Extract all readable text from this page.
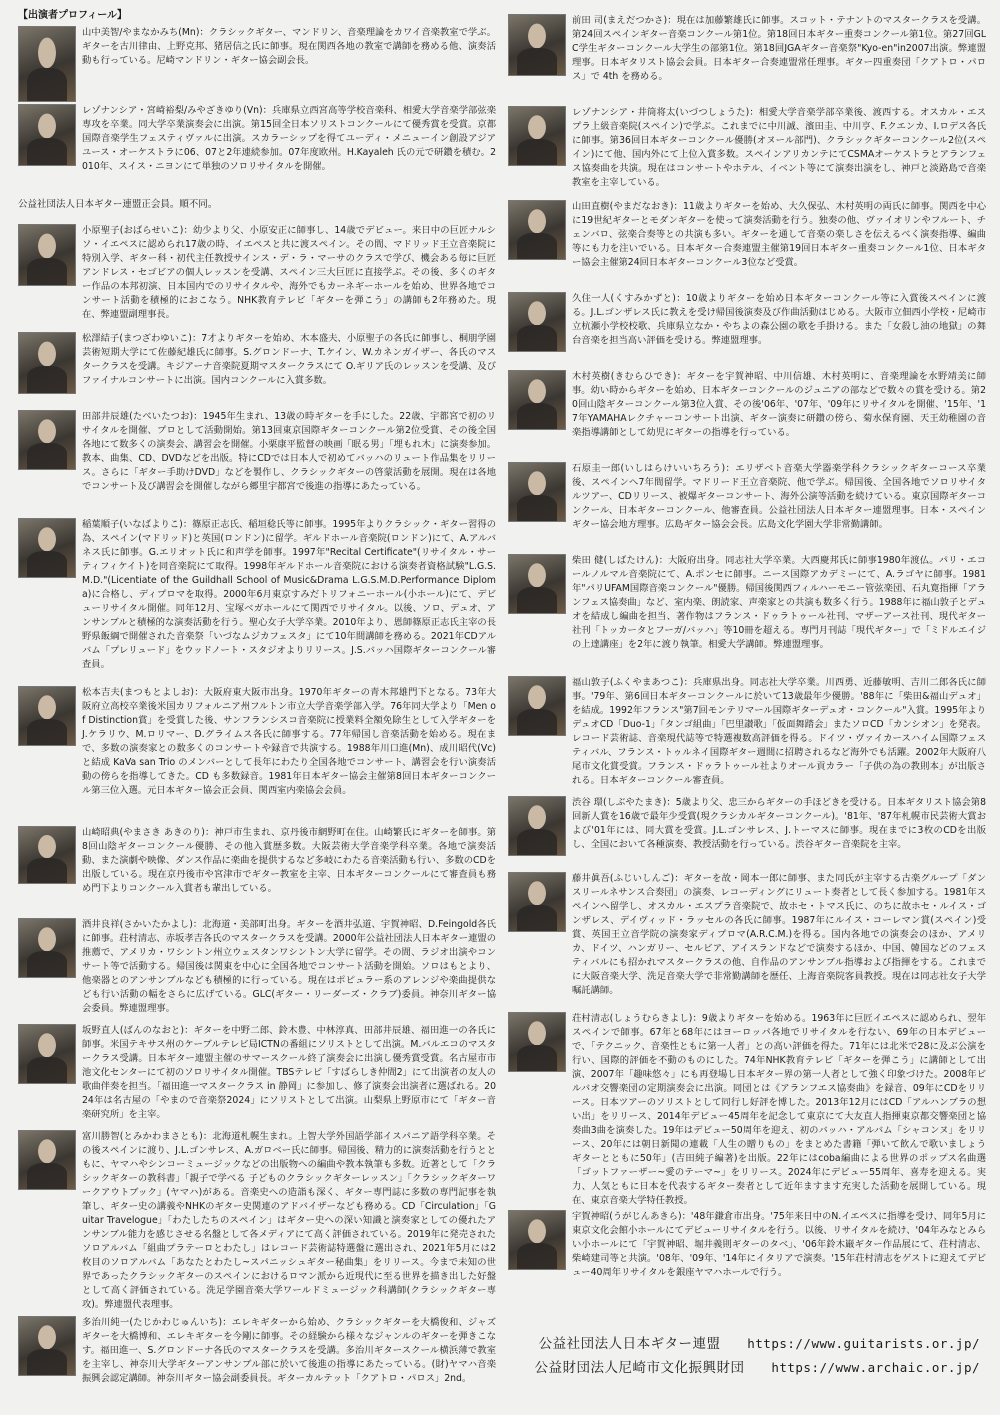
【出演者プロフィール】
山中美智/やまなかみち(Mn)：クラシックギター、マンドリン、音楽理論をカワイ音楽教室で学ぶ。ギターを古川律由、上野克邦、猪居信之氏に師事。現在関西各地の教室で講師を務める他、演奏活動も行っている。尼崎マンドリン・ギター協会副会長。
レゾナンシア・宮崎裕梨/みやざきゆり(Vn)：兵庫県立西宮高等学校音楽科、相愛大学音楽学部弦楽専攻を卒業。同大学卒業演奏会に出演。第15回全日本ソリストコンクールにて優秀賞を受賞。京都国際音楽学生フェスティヴァルに出演。スカラーシップを得てユーディ・メニューイン創設アジアユース・オーケストラに06、07と2年連続参加。07年度欧州。H.Kayaleh 氏の元で研鑽を積む。2010年、スイス・ニヨンにて単独のソロリサイタルを開催。
公益社団法人日本ギター連盟正会員。順不同。
小原聖子(おばらせいこ)：幼少より父、小原安正に師事し、14歳でデビュー。来日中の巨匠ナルシソ・イエペスに認められ17歳の時、イエペスと共に渡スペイン。その間、マドリッド王立音楽院に特別入学、ギター科・初代主任教授サインス・デ・ラ・マーサのクラスで学び、機会ある毎に巨匠アンドレス・セゴビアの個人レッスンを受講、スペイン三大巨匠に直接学ぶ。その後、多くのギター作品の本邦初演、日本国内でのリサイタルや、海外でもカーネギーホールを始め、世界各地でコンサート活動を積極的におこなう。NHK教育テレビ「ギターを弾こう」の講師も2年務めた。現在、弊連盟副理事長。
松澤結子(まつざわゆいこ)：7才よりギターを始め、木本盛夫、小原聖子の各氏に師事し、桐朋学園芸術短期大学にて佐藤紀雄氏に師事。S.グロンドーナ、T.ケイン、W.カネンガイザー、各氏のマスタークラスを受講。キジアーナ音楽院夏期マスタークラスにて O.ギリア氏のレッスンを受講、及びファイナルコンサートに出演。国内コンクールに入賞多数。
田部井辰雄(たべいたつお)：1945年生まれ、13歳の時ギターを手にした。22歳、宇都宮で初のリサイタルを開催、プロとして活動開始。第13回東京国際ギターコンクール第2位受賞、その後全国各地にて数多くの演奏会、講習会を開催。小栗康平監督の映画「眠る男」「埋もれ木」に演奏参加。教本、曲集、CD、DVDなどを出版。特にCDでは日本人で初めてバッハのリュート作品集をリリース。さらに「ギター手助けDVD」などを製作し、クラシックギターの啓蒙活動を展開。現在は各地でコンサート及び講習会を開催しながら郷里宇都宮で後進の指導にあたっている。
稲葉順子(いなばよりこ)：篠原正志氏、稲垣稔氏等に師事。1995年よりクラシック・ギター習得の為、スペイン(マドリッド)と英国(ロンドン)に留学。ギルドホール音楽院(ロンドン)にて、A.アルバネス氏に師事。G.エリオット氏に和声学を師事。1997年"Recital Certificate"(リサイタル・サーティフィケイト)を同音楽院にて取得。1998年ギルドホール音楽院における演奏者資格試験"L.G.S.M.D."(Licentiate of the Guildhall School of Music&Drama L.G.S.M.D.Performance Diploma)に合格し、ディプロマを取得。2000年6月東京すみだトリフォニーホール(小ホール)にて、デビューリサイタル開催。同年12月、宝塚ベガホールにて関西でリサイタル。以後、ソロ、デュオ、アンサンブルと積極的な演奏活動を行う。聖心女子大学卒業。2010年より、恩師篠原正志氏主宰の長野県飯綱で開催された音楽祭「いづなムジカフェスタ」にて10年間講師を務める。2021年CDアルバム「プレリュード」をウッドノート・スタジオよりリリース。J.S.バッハ国際ギターコンクール審査員。
松本吉夫(まつもとよしお)：大阪府東大阪市出身。1970年ギターの青木邦雄門下となる。73年大阪府立高校卒業後米国カリフォルニア州フルトン市立大学音楽学部入学。76年同大学より「Men of Distinction賞」を受賞した後、サンフランシスコ音楽院に授業料全額免除生として入学ギターを J.ケラリウ、M.ロリマー、D.グライムス各氏に師事する。77年帰国し音楽活動を始める。現在まで、多数の演奏家との数多くのコンサートや録音で共演する。1988年川口進(Mn)、成川昭代(Vc)と結成 KaVa san Trio のメンバーとして長年にわたり全国各地でコンサート、講習会を行い演奏活動の傍らを指導してきた。CD も多数録音。1981年日本ギター協会主催第8回日本ギターコンクール第三位入選。元日本ギター協会正会員、関西室内楽協会会員。
山崎昭典(やまさき あきのり)：神戸市生まれ、京丹後市網野町在住。山崎繁氏にギターを師事。第8回山陰ギターコンクール優勝、その他入賞歴多数。大阪芸術大学音楽学科卒業。各地で演奏活動、また演劇や映像、ダンス作品に楽曲を提供するなど多岐にわたる音楽活動も行い、多数のCDを出版している。現在京丹後市や宮津市でギター教室を主宰、日本ギターコンクールにて審査員も務め門下よりコンクール入賞者も輩出している。
酒井良祥(さかいたかよし)：北海道・美部町出身。ギターを酒井弘道、宇賀神昭、D.Feingold各氏に師事。荘村清志、赤坂孝吉各氏のマスタークラスを受講。2000年公益社団法人日本ギター連盟の推薦で、アメリカ・ワシントン州立ウェスタンワシントン大学に留学。その間、ラジオ出演やコンサート等で活動する。帰国後は関東を中心に全国各地でコンサート活動を開始。ソロはもとより、他楽器とのアンサンブルなども積極的に行っている。現在はポピュラー系のアレンジや楽曲提供なども行い活動の幅をさらに広げている。GLC(ギター・リーダーズ・クラブ)委員。神奈川ギター協会委員。弊連盟理事。
坂野直人(ばんのなおと)：ギターを中野二郎、鈴木豊、中林淳真、田部井辰雄、福田進一の各氏に師事。米国テキサス州のケーブルテレビ局ICTNの番組にソリストとして出演。M.バルエコのマスタークラス受講。日本ギター連盟主催のサマースクール終了演奏会に出演し優秀賞受賞。名古屋市市池文化センターにて初のソロリサイタル開催。TBSテレビ「すばらしき仲間2」にて出演者の友人の歌曲伴奏を担当。「福田進一マスタークラス in 静岡」に参加し、修了演奏会出演者に選ばれる。2024年は名古屋の「やまので音楽祭2024」にソリストとして出演。山梨県上野原市にて「ギター音楽研究所」を主宰。
富川勝智(とみかわまさとも)：北海道札幌生まれ。上智大学外国語学部イスパニア語学科卒業。その後スペインに渡り、J.L.ゴンサレス、A.ガロベー氏に師事。帰国後、精力的に演奏活動を行うとともに、ヤマハやシンコーミュージックなどの出版物への編曲や教本執筆も多数。近著として「クラシックギターの教科書」「親子で学べる 子どものクラシックギターレッスン」「クラシックギターワークアウトブック」(ヤマハ)がある。音楽史への造詣も深く、ギター専門誌に多数の専門記事を執筆し、ギター史の講義やNHKのギター史関連のアドバイザーなども務める。CD「Circulation」「Guitar Travelogue」「わたしたちのスペイン」はギター史への深い知識と演奏家としての優れたアンサンブル能力を感じさせる名盤として各メディアにて高く評価されている。2019年に発売されたソロアルバム「組曲プラテーロとわたし」はレコード芸術誌特選盤に選出され、2021年5月には2枚目のソロアルバム「あなたとわたし~スパニッシュギター秘曲集」をリリース。今まで未知の世界であったクラシックギターのスペインにおけるロマン派から近現代に至る世界を描き出した好盤として高く評価されている。洗足学園音楽大学ワールドミュージック科講師(クラシックギター専攻)。弊連盟代表理事。
多治川純一(たじかわじゅんいち)：エレキギターから始め、クラシックギターを大橋俊和、ジャズギターを大橋博和、エレキギターを今剛に師事。その経験から様々なジャンルのギターを弾きこなす。福田進一、S.グロンドーナ各氏のマスタークラスを受講。多治川ギタースクール横浜薄で教室を主宰し、神奈川大学ギターアンサンブル部に於いて後進の指導にあたっている。(財)ヤマハ音楽振興会認定講師。神奈川ギター協会副委員長。ギターカルテット「クアトロ・パロス」2nd。
前田 司(まえだつかさ)：現在は加藤繁雄氏に師事。スコット・テナントのマスタークラスを受講。第24回スペインギター音楽コンクール第1位。第18回日本ギター重奏コンクール第1位。第27回GLC学生ギターコンクール大学生の部第1位。第18回JGAギター音楽祭"Kyo-en"in2007出演。弊連盟理事。日本ギタリスト協会会員。日本ギター合奏連盟常任理事。ギター四重奏団「クアトロ・パロス」で 4th を務める。
レゾナンシア・井筒将太(いづつしょうた)：相愛大学音楽学部卒業後、渡西する。オスカル・エスプラ上級音楽院(スペイン)で学ぶ。これまでに中川誠、濱田圭、中川亨、F.クエンカ、I.ロデス各氏に師事。第36回日本ギターコンクール優勝(オヌール部門)、クラシックギターコンクール2位(スペイン)にて他、国内外にて上位入賞多数。スペインアリカンテにてCSMAオーケストラとアランフェス協奏曲を共演。現在はコンサートやホテル、イベント等にて演奏出演をし、神戸と淡路島で音楽教室を主宰している。
山田直樹(やまだなおき)：11歳よりギターを始め、大久保弘、木村英明の両氏に師事。関西を中心に19世紀ギターとモダンギターを使って演奏活動を行う。独奏の他、ヴァイオリンやフルート、チェンバロ、弦楽合奏等との共演も多い。ギターを通して音楽の楽しさを伝えるべく演奏指導、編曲等にも力を注いでいる。日本ギター合奏連盟主催第19回日本ギター重奏コンクール1位、日本ギター協会主催第24回日本ギターコンクール3位など受賞。
久住一人(くすみかずと)：10歳よりギターを始め日本ギターコンクール等に入賞後スペインに渡る。J.L.ゴンザレス氏に教えを受け帰国後演奏及び作曲活動はじめる。大阪市立佃西小学校・尼崎市立杭瀬小学校校歌、兵庫県立なか・やちよの森公園の歌を手掛ける。また「女殺し油の地獄」の舞台音楽を担当高い評価を受ける。弊連盟理事。
木村英樹(きむらひでき)：ギターを宇賀神昭、中川信雄、木村英明に、音楽理論を水野靖美に師事。幼い時からギターを始め、日本ギターコンクールのジュニアの部などで数々の賞を受ける。第20回山陰ギターコンクール第3位入賞、その後'06年、'07年、'09年にリサイタルを開催、'15年、'17年YAMAHAレクチャーコンサート出演、ギター演奏に研鑽の傍ら、菊水保育園、天王幼稚園の音楽指導講師として幼児にギターの指導を行っている。
石原圭一郎(いしはらけいいちろう)：エリザベト音楽大学器楽学科クラシックギターコース卒業後、スペインへ7年間留学。マドリード王立音楽院、他で学ぶ。帰国後、全国各地でソロリサイタルツアー、CDリリース、被爆ギターコンサート、海外公演等活動を続けている。東京国際ギターコンクール、日本ギターコンクール、他審査員。公益社団法人日本ギター連盟理事。日本・スペインギター協会地方理事。広島ギター協会会長。広島文化学園大学非常勤講師。
柴田 健(しばたけん)：大阪府出身。同志社大学卒業。大西慶邦氏に師事1980年渡仏。パリ・エコールノルマル音楽院にて、A.ポンセに師事。ニース国際アカデミーにて、A.ラゴヤに師事。1981年"パリUFAM国際音楽コンクール"優勝。帰国後関西フィルハーモニー管弦楽団、石丸寛指揮「アランフェス協奏曲」など、室内楽、朗読家、声楽家との共演も数多く行う。1988年に福山敦子とデュオを結成し編曲を担当、著作物はフランス・ドゥラトゥール社刊、マザーアース社刊、現代ギター社刊「トッカータとフーガ/バッハ」等10冊を超える。専門月刊誌「現代ギター」で「ミドルエイジの上達講座」を2年に渡り執筆。相愛大学講師。弊連盟理事。
福山敦子(ふくやまあつこ)：兵庫県出身。同志社大学卒業。川西勇、近藤敏明、吉川二郎各氏に師事。'79年、第6回日本ギターコンクールに於いて13歳最年少優勝。'88年に「柴田&福山デュオ」を結成。1992年フランス"第7回モンテリマール国際ギターデュオ・コンクール"入賞。1995年よりデュオCD「Duo-1」「タンゴ組曲」「巴里讃歌」「仮面舞踏会」またソロCD「カンシオン」を発表。レコード芸術誌、音楽現代誌等で特選複数高評価を得る。ドイツ・ヴァイカースハイム国際フェスティバル、フランス・トゥルネイ国際ギター週間に招聘されるなど海外でも活躍。2002年大阪府八尾市文化賞受賞。フランス・ドゥラトゥール社よりオール貢カラー「子供の為の教則本」が出版される。日本ギターコンクール審査員。
渋谷 環(しぶやたまき)：5歳より父、忠三からギターの手ほどきを受ける。日本ギタリスト協会第8回新人賞を16歳で最年少受賞(現クラシカルギターコンクール)。'81年、'87年札幌市民芸術大賞および'01年には、同大賞を受賞。J.L.ゴンサレス、J.トーマスに師事。現在までに3枚のCDを出版し、全国において各種演奏、教授活動を行っている。渋谷ギター音楽院を主宰。
藤井眞吾(ふじいしんご)：ギターを故・岡本一郎に師事、また同氏が主宰する古楽グループ「ダンスリールネサンス合奏団」の演奏、レコーディングにリュート奏者として長く参加する。1981年スペインへ留学し、オスカル・エスプラ音楽院で、故ホセ・トマス氏に、のちに故ホセ・ルイス・ゴンザレス、デイヴィッド・ラッセルの各氏に師事。1987年にルイス・コーレマン賞(スペイン)受賞、英国王立音学院の演奏家ディプロマ(A.R.C.M.)を得る。国内各地での演奏会のほか、アメリカ、ドイツ、ハンガリー、セルビア、アイスランドなどで演奏するほか、中国、韓国などのフェスティバルにも招かれマスタークラスの他、自作品のアンサンブル指導および指揮をする。これまでに大阪音楽大学、洗足音楽大学で非常勤講師を歴任、上海音楽院客員教授。現在は同志社女子大学嘱託講師。
荘村清志(しょうむらきよし)：9歳よりギターを始める。1963年に巨匠イエペスに認められ、翌年スペインで師事。67年と68年にはヨーロッパ各地でリサイタルを行ない、69年の日本デビューで、「テクニック、音楽性ともに第一人者」との高い評価を得た。71年には北米で28に及ぶ公演を行い、国際的評価を不動のものにした。74年NHK教育テレビ「ギターを弾こう」に講師として出演、2007年「趣味悠々」にも再登場し日本ギター界の第一人者として強く印象づけた。2008年ビルバオ交響楽団の定期演奏会に出演。同団とは《アランフエス協奏曲》を録音、09年にCDをリリース。日本ツアーのソリストとして同行し好評を博した。2013年12月にはCD「アルハンブラの想い出」をリリース、2014年デビュー45周年を記念して東京にて大友直人指揮東京都交響楽団と協奏曲3曲を演奏した。19年はデビュー50周年を迎え、初のバッハ・アルバム「シャコンヌ」をリリース、20年には朝日新聞の連載「人生の贈りもの」をまとめた書籍「弾いて飲んで歌いましょう ギターとともに50年」(吉田純子編著)を出版。22年にはcoba編曲による世界のポップス名曲選「ゴットファーザー~愛のテーマ~」をリリース。2024年にデビュー55周年、喜寿を迎える。実力、人気ともに日本を代表するギター奏者として近年ますます充実した活動を展開している。現在、東京音楽大学特任教授。
宇賀神昭(うがじんあきら)：'48年鎌倉市出身。'75年来日中のN.イエペスに指導を受け、同年5月に東京文化会館小ホールにてデビューリサイタルを行う。以後、リサイタルを続け、'04年みなとみらい小ホールにて「宇賀神昭、堀井義則ギターのタベ」、'06年鈴木巌ギター作品展にて、荘村清志、柴崎建司等と共演。'08年、'09年、'14年にイタリアで演奏。'15年荘村清志をゲストに迎えてデビュー40周年リサイタルを銀座ヤマハホールで行う。
公益社団法人日本ギター連盟 https://www.guitarists.or.jp/
公益財団法人尼崎市文化振興財団 https://www.archaic.or.jp/
